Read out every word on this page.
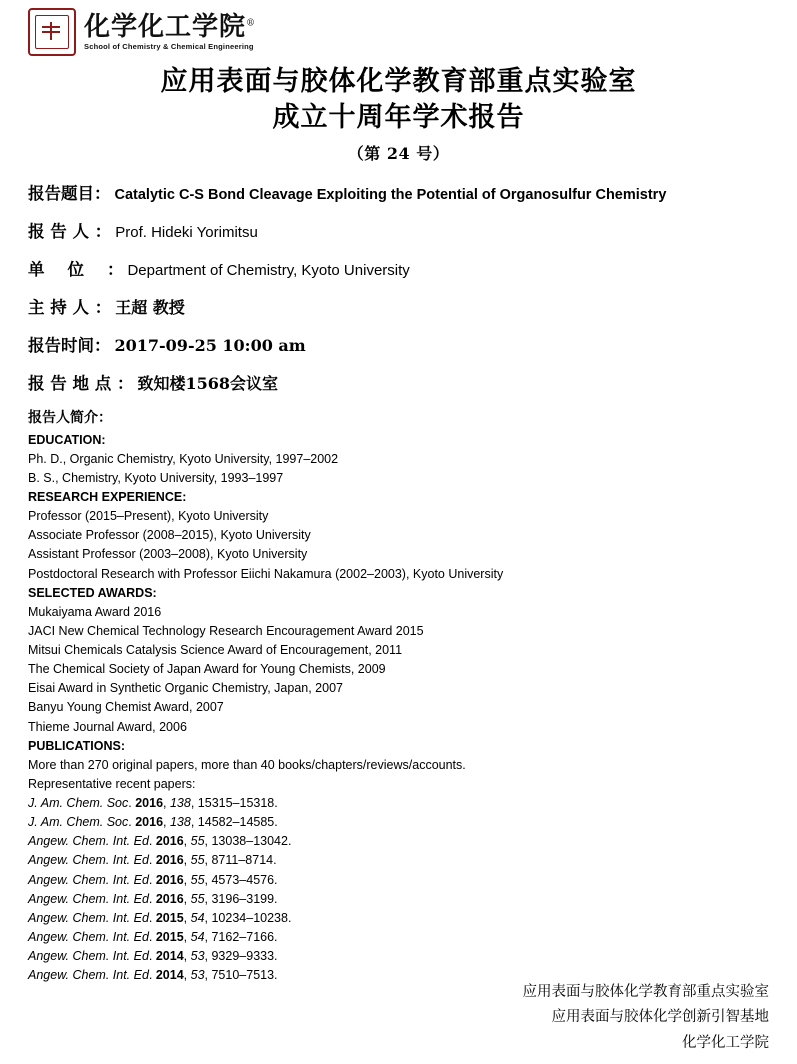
化学化工学院®
School of Chemistry & Chemical Engineering
应用表面与胶体化学教育部重点实验室
成立十周年学术报告
（第 24 号）
报告题目： Catalytic C-S Bond Cleavage Exploiting the Potential of Organosulfur Chemistry
报 告 人 ： Prof. Hideki Yorimitsu
单    位    ： Department of Chemistry, Kyoto University
主 持 人 ： 王超 教授
报告时间： 2017-09-25 10:00 am
报 告 地 点 ： 致知楼1568会议室
报告人简介：
EDUCATION:
Ph. D., Organic Chemistry, Kyoto University, 1997–2002
B. S., Chemistry, Kyoto University, 1993–1997
RESEARCH EXPERIENCE:
Professor (2015–Present), Kyoto University
Associate Professor (2008–2015), Kyoto University
Assistant Professor (2003–2008), Kyoto University
Postdoctoral Research with Professor Eiichi Nakamura (2002–2003), Kyoto University
SELECTED AWARDS:
Mukaiyama Award 2016
JACI New Chemical Technology Research Encouragement Award 2015
Mitsui Chemicals Catalysis Science Award of Encouragement, 2011
The Chemical Society of Japan Award for Young Chemists, 2009
Eisai Award in Synthetic Organic Chemistry, Japan, 2007
Banyu Young Chemist Award, 2007
Thieme Journal Award, 2006
PUBLICATIONS:
More than 270 original papers, more than 40 books/chapters/reviews/accounts.
Representative recent papers:
J. Am. Chem. Soc. 2016, 138, 15315–15318.
J. Am. Chem. Soc. 2016, 138, 14582–14585.
Angew. Chem. Int. Ed. 2016, 55, 13038–13042.
Angew. Chem. Int. Ed. 2016, 55, 8711–8714.
Angew. Chem. Int. Ed. 2016, 55, 4573–4576.
Angew. Chem. Int. Ed. 2016, 55, 3196–3199.
Angew. Chem. Int. Ed. 2015, 54, 10234–10238.
Angew. Chem. Int. Ed. 2015, 54, 7162–7166.
Angew. Chem. Int. Ed. 2014, 53, 9329–9333.
Angew. Chem. Int. Ed. 2014, 53, 7510–7513.
应用表面与胶体化学教育部重点实验室
应用表面与胶体化学创新引智基地
化学化工学院
